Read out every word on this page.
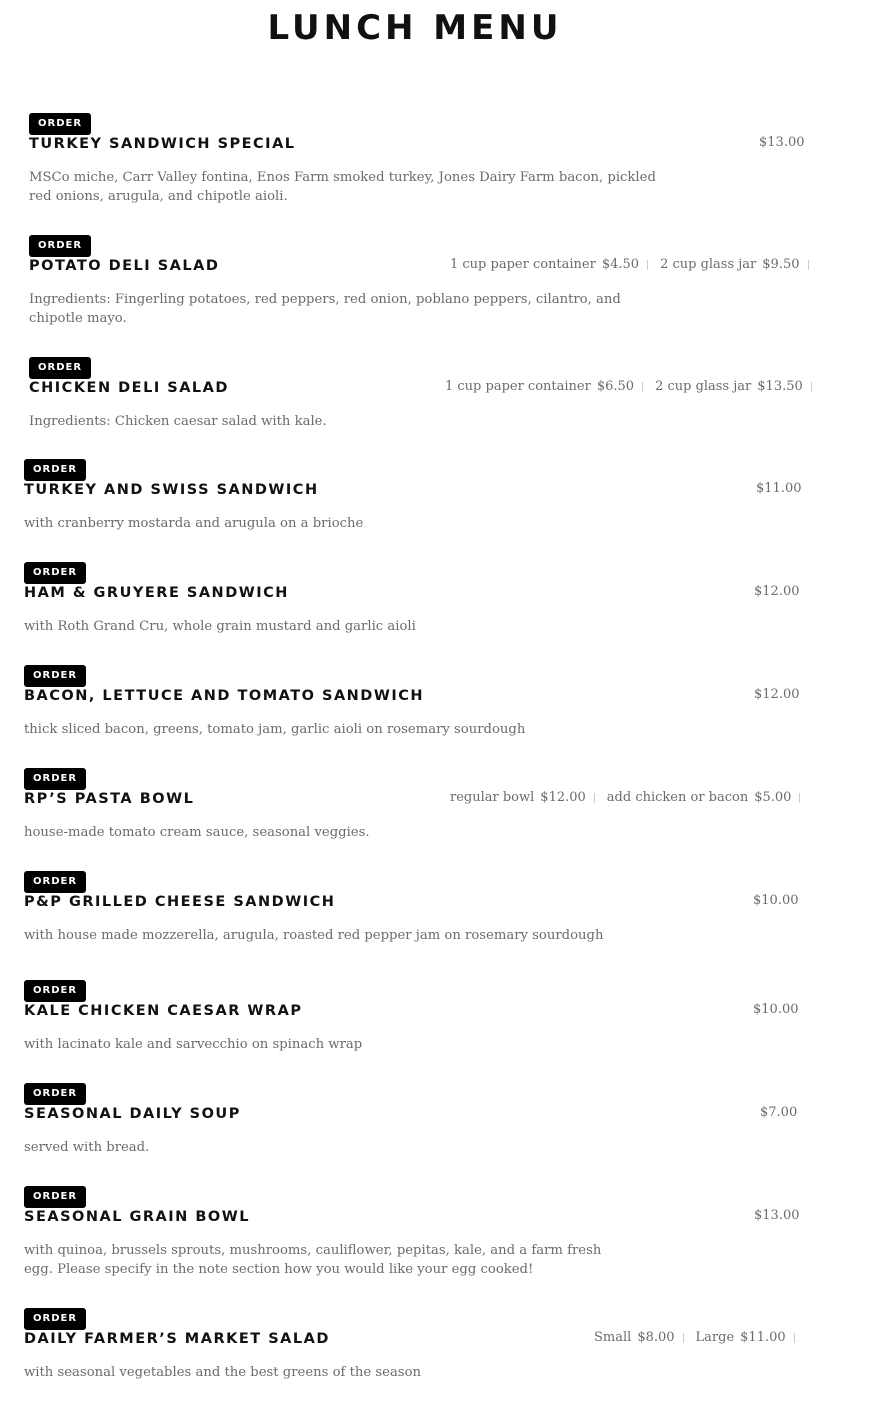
LUNCH MENU
ORDER
TURKEY SANDWICH SPECIAL	$13.00
MSCo miche, Carr Valley fontina, Enos Farm smoked turkey, Jones Dairy Farm bacon, pickled red onions, arugula, and chipotle aioli.
ORDER
POTATO DELI SALAD	1 cup paper container $4.50 2 cup glass jar $9.50
Ingredients: Fingerling potatoes, red peppers, red onion, poblano peppers, cilantro, and chipotle mayo.
ORDER
CHICKEN DELI SALAD	1 cup paper container $6.50 2 cup glass jar $13.50
Ingredients: Chicken caesar salad with kale.
ORDER
TURKEY AND SWISS SANDWICH	$11.00
with cranberry mostarda and arugula on a brioche
ORDER
HAM & GRUYERE SANDWICH	$12.00
with Roth Grand Cru, whole grain mustard and garlic aioli
ORDER
BACON, LETTUCE AND TOMATO SANDWICH	$12.00
thick sliced bacon, greens, tomato jam, garlic aioli on rosemary sourdough
ORDER
RP’S PASTA BOWL	regular bowl $12.00 add chicken or bacon $5.00
house-made tomato cream sauce, seasonal veggies.
ORDER
P&P GRILLED CHEESE SANDWICH	$10.00
with house made mozzerella, arugula, roasted red pepper jam on rosemary sourdough
ORDER
KALE CHICKEN CAESAR WRAP	$10.00
with lacinato kale and sarvecchio on spinach wrap
ORDER
SEASONAL DAILY SOUP	$7.00
served with bread.
ORDER
SEASONAL GRAIN BOWL	$13.00
with quinoa, brussels sprouts, mushrooms, cauliflower, pepitas, kale, and a farm fresh egg. Please specify in the note section how you would like your egg cooked!
ORDER
DAILY FARMER’S MARKET SALAD	Small $8.00 Large $11.00
with seasonal vegetables and the best greens of the season
